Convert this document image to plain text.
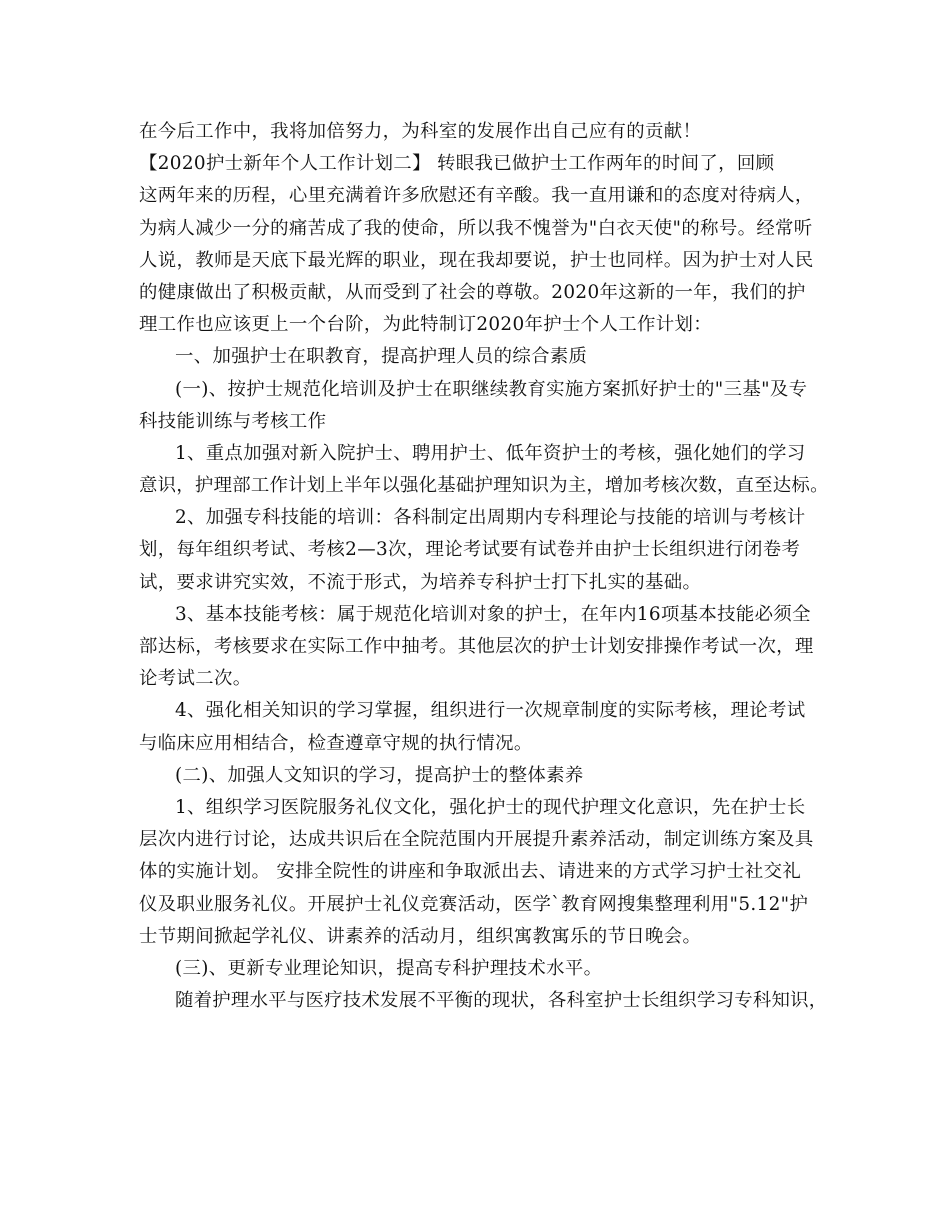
在今后工作中，我将加倍努力，为科室的发展作出自己应有的贡献！
【2020护士新年个人工作计划二】 转眼我已做护士工作两年的时间了，回顾
这两年来的历程，心里充满着许多欣慰还有辛酸。我一直用谦和的态度对待病人，
为病人减少一分的痛苦成了我的使命，所以我不愧誉为"白衣天使"的称号。经常听
人说，教师是天底下最光辉的职业，现在我却要说，护士也同样。因为护士对人民
的健康做出了积极贡献，从而受到了社会的尊敬。2020年这新的一年，我们的护
理工作也应该更上一个台阶，为此特制订2020年护士个人工作计划：
一、加强护士在职教育，提高护理人员的综合素质
(一)、按护士规范化培训及护士在职继续教育实施方案抓好护士的"三基"及专
科技能训练与考核工作
1、重点加强对新入院护士、聘用护士、低年资护士的考核，强化她们的学习
意识，护理部工作计划上半年以强化基础护理知识为主，增加考核次数，直至达标。
2、加强专科技能的培训：各科制定出周期内专科理论与技能的培训与考核计
划，每年组织考试、考核2—3次，理论考试要有试卷并由护士长组织进行闭卷考
试，要求讲究实效，不流于形式，为培养专科护士打下扎实的基础。
3、基本技能考核：属于规范化培训对象的护士，在年内16项基本技能必须全
部达标，考核要求在实际工作中抽考。其他层次的护士计划安排操作考试一次，理
论考试二次。
4、强化相关知识的学习掌握，组织进行一次规章制度的实际考核，理论考试
与临床应用相结合，检查遵章守规的执行情况。
(二)、加强人文知识的学习，提高护士的整体素养
1、组织学习医院服务礼仪文化，强化护士的现代护理文化意识，先在护士长
层次内进行讨论，达成共识后在全院范围内开展提升素养活动，制定训练方案及具
体的实施计划。 安排全院性的讲座和争取派出去、请进来的方式学习护士社交礼
仪及职业服务礼仪。开展护士礼仪竞赛活动，医学`教育网搜集整理利用"5.12"护
士节期间掀起学礼仪、讲素养的活动月，组织寓教寓乐的节日晚会。
(三)、更新专业理论知识，提高专科护理技术水平。
随着护理水平与医疗技术发展不平衡的现状，各科室护士长组织学习专科知识，
